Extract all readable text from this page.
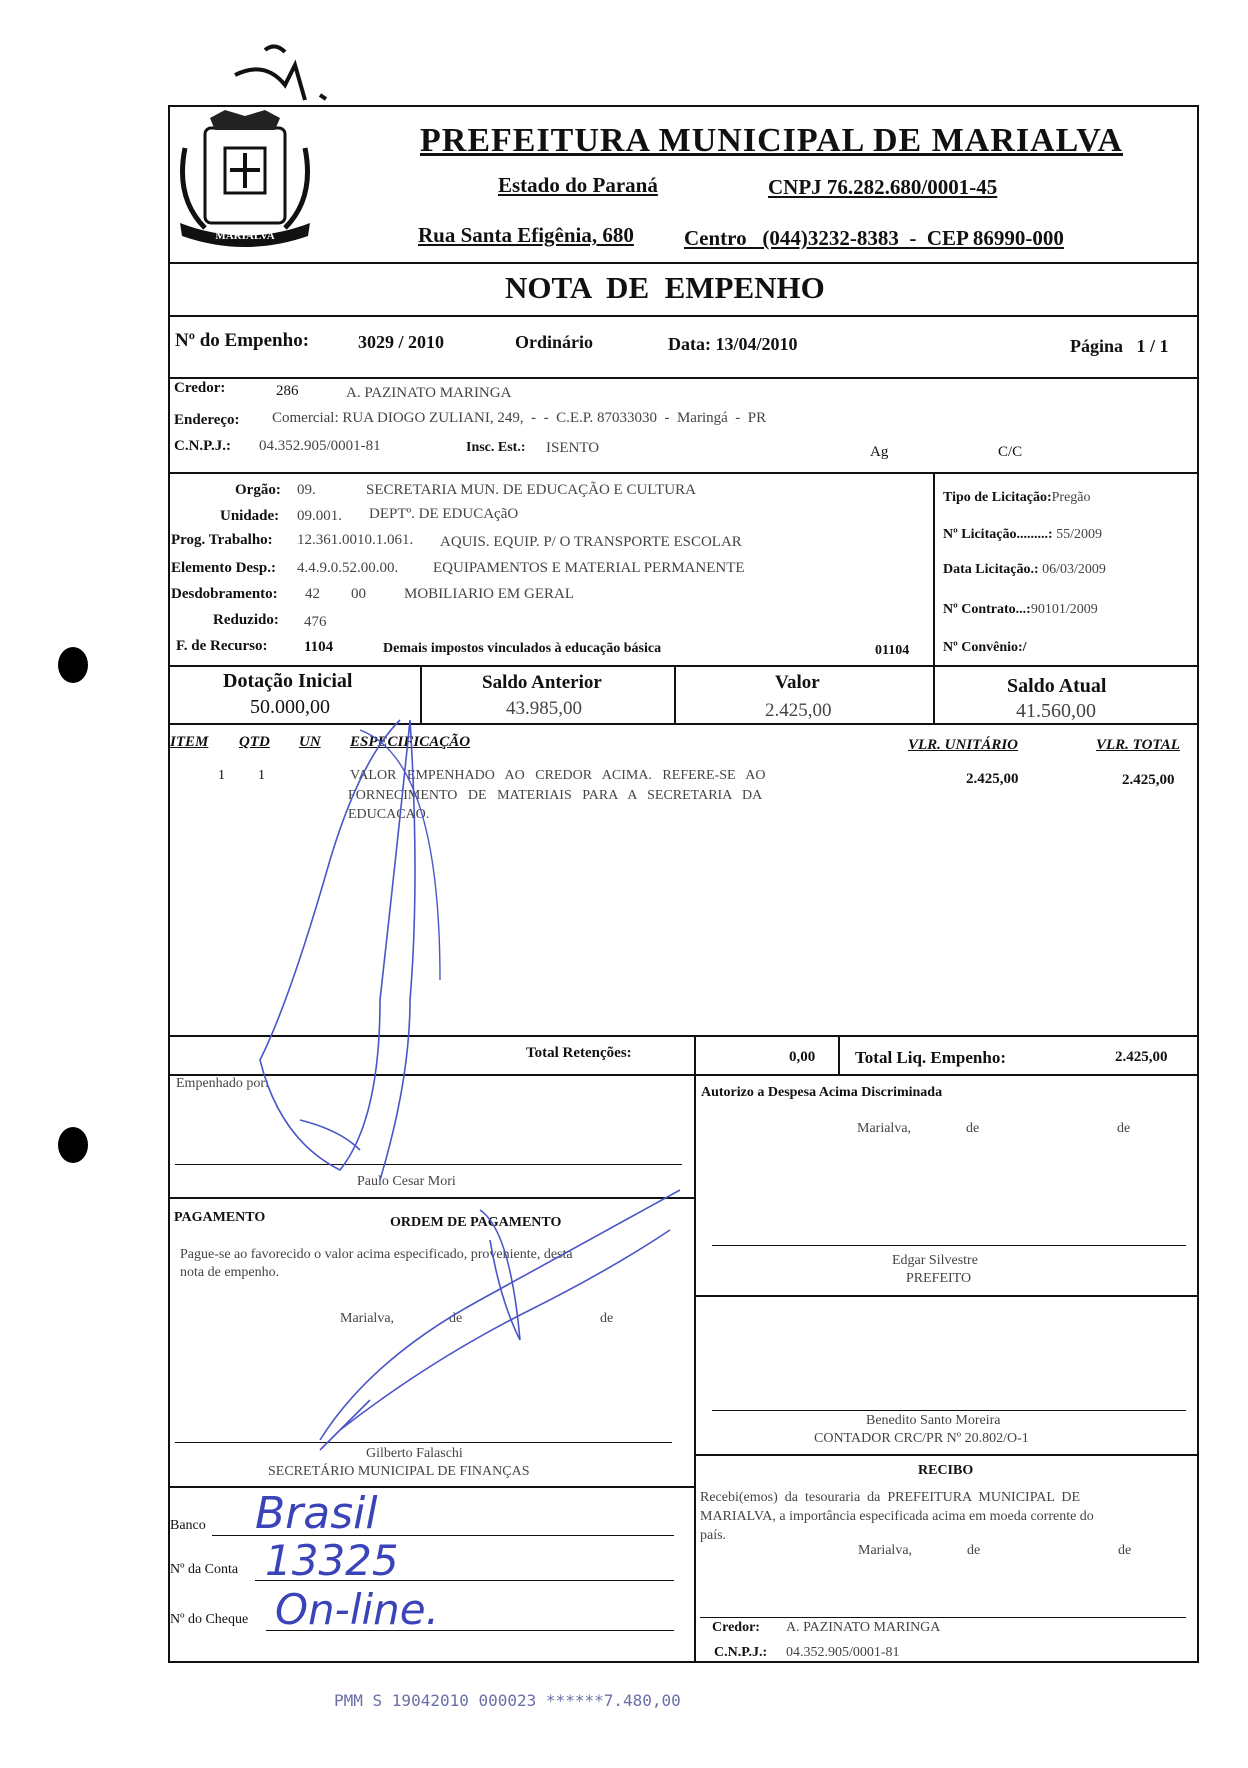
MARIALVA
PREFEITURA MUNICIPAL DE MARIALVA
Estado do Paraná	CNPJ 76.282.680/0001-45
Rua Santa Efigênia, 680 Centro   (044)3232-8383  -  CEP 86990-000
NOTA  DE  EMPENHO
Nº do Empenho:	3029 / 2010	Ordinário	Data: 13/04/2010	Página   1 / 1
Credor:	286	A. PAZINATO MARINGA
Endereço: Comercial: RUA DIOGO ZULIANI, 249,  -  -  C.E.P. 87033030  -  Maringá  -  PR
C.N.P.J.: 04.352.905/0001-81	Insc. Est.: ISENTO	Ag	C/C
Orgão: 09.	SECRETARIA MUN. DE EDUCAÇÃO E CULTURA
Unidade: 09.001. DEPTº. DE EDUCAçãO
Prog. Trabalho: 12.361.0010.1.061. AQUIS. EQUIP. P/ O TRANSPORTE ESCOLAR
Elemento Desp.: 4.4.9.0.52.00.00. EQUIPAMENTOS E MATERIAL PERMANENTE
Desdobramento: 42 00	MOBILIARIO EM GERAL
Reduzido: 476
F. de Recurso: 1104	Demais impostos vinculados à educação básica	01104
Tipo de Licitação:Pregão
Nº Licitação.........: 55/2009
Data Licitação.: 06/03/2009
Nº Contrato...:90101/2009
Nº Convênio:/
Dotação Inicial
50.000,00
Saldo Anterior
43.985,00
Valor
2.425,00
Saldo Atual
41.560,00
ITEM QTD UN ESPECIFICAÇÃO	VLR. UNITÁRIO	VLR. TOTAL
1 1	VALOR   EMPENHADO   AO   CREDOR   ACIMA.   REFERE-SE   AO
FORNECIMENTO   DE   MATERIAIS   PARA   A   SECRETARIA   DA
EDUCACAO.
2.425,00	2.425,00
Total Retenções:	0,00 Total Liq. Empenho:	2.425,00
Empenhado por:
Paulo Cesar Mori
Autorizo a Despesa Acima Discriminada
Marialva,	de	de
Edgar Silvestre
PREFEITO
PAGAMENTO	ORDEM DE PAGAMENTO
Pague-se ao favorecido o valor acima especificado, proveniente, desta
nota de empenho.
Marialva,	de	de
Gilberto Falaschi
SECRETÁRIO MUNICIPAL DE FINANÇAS
Benedito Santo Moreira
CONTADOR CRC/PR Nº 20.802/O-1
RECIBO
Recebi(emos)  da  tesouraria  da  PREFEITURA  MUNICIPAL  DE
MARIALVA, a importância especificada acima em moeda corrente do
país.
Marialva,	de	de
Credor: A. PAZINATO MARINGA
C.N.P.J.: 04.352.905/0001-81
Banco Brasil
Nº da Conta 13325
Nº do Cheque On-line.
PMM S 19042010 000023 ******7.480,00
